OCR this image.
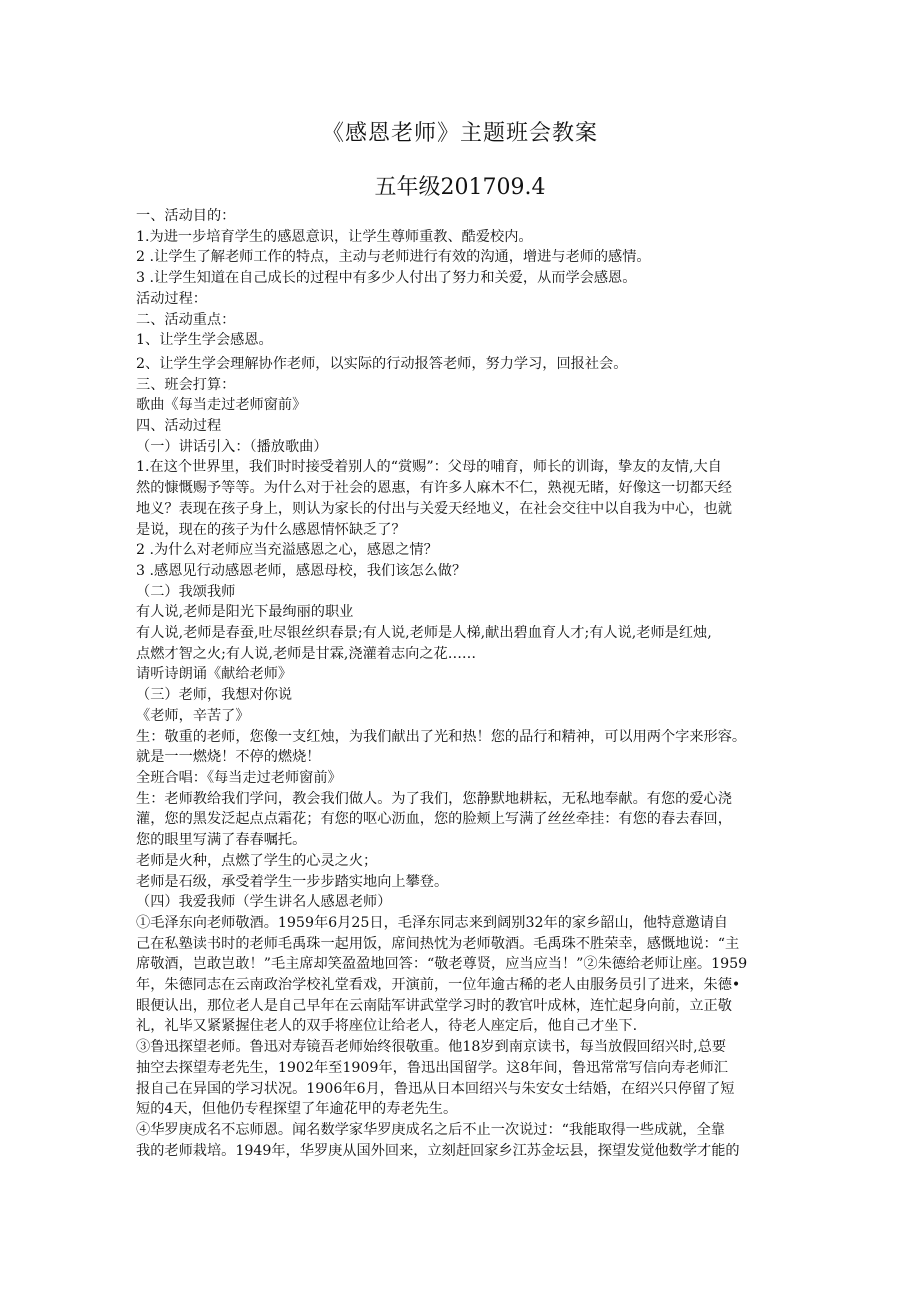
《感恩老师》主题班会教案
五年级201709.4

一、活动目的：

1.为进一步培育学生的感恩意识，让学生尊师重教、酷爱校内。

2 .让学生了解老师工作的特点，主动与老师进行有效的沟通，增进与老师的感情。

3 .让学生知道在自己成长的过程中有多少人付出了努力和关爱，从而学会感恩。

活动过程：

二、活动重点：

1、让学生学会感恩。

2、让学生学会理解协作老师，以实际的行动报答老师，努力学习，回报社会。

三、班会打算：

歌曲《每当走过老师窗前》

四、活动过程

（一）讲话引入：（播放歌曲）

1.在这个世界里，我们时时接受着别人的“赏赐”：父母的哺育，师长的训诲，挚友的友情,大自

然的慷慨赐予等等。为什么对于社会的恩惠，有许多人麻木不仁，熟视无睹，好像这一切都天经

地义？表现在孩子身上，则认为家长的付出与关爱天经地义，在社会交往中以自我为中心，也就

是说，现在的孩子为什么感恩情怀缺乏了？

2 .为什么对老师应当充溢感恩之心，感恩之情？

3 .感恩见行动感恩老师，感恩母校，我们该怎么做？

（二）我颂我师

有人说,老师是阳光下最绚丽的职业

有人说,老师是春蚕,吐尽银丝织春景;有人说,老师是人梯,献出碧血育人才;有人说,老师是红烛,

点燃才智之火;有人说,老师是甘霖,浇灌着志向之花……

请听诗朗诵《献给老师》

（三）老师，我想对你说

《老师，辛苦了》

生：敬重的老师，您像一支红烛，为我们献出了光和热！您的品行和精神，可以用两个字来形容。

就是一一燃烧！不停的燃烧！

全班合唱：《每当走过老师窗前》

生：老师教给我们学问，教会我们做人。为了我们，您静默地耕耘，无私地奉献。有您的爱心浇

灌，您的黑发泛起点点霜花；有您的呕心沥血，您的脸颊上写满了丝丝牵挂：有您的春去春回，

您的眼里写满了春春嘱托。

老师是火种，点燃了学生的心灵之火；

老师是石级，承受着学生一步步踏实地向上攀登。

（四）我爱我师（学生讲名人感恩老师）

①毛泽东向老师敬酒。1959年6月25日，毛泽东同志来到阔别32年的家乡韶山，他特意邀请自

己在私塾读书时的老师毛禹珠一起用饭，席间热忱为老师敬酒。毛禹珠不胜荣幸，感慨地说：“主

席敬酒，岂敢岂敢！”毛主席却笑盈盈地回答：“敬老尊贤，应当应当！”②朱德给老师让座。1959

年，朱德同志在云南政治学校礼堂看戏，开演前，一位年逾古稀的老人由服务员引了进来，朱德•

眼便认出，那位老人是自己早年在云南陆军讲武堂学习时的教官叶成林，连忙起身向前，立正敬

礼，礼毕又紧紧握住老人的双手将座位让给老人，待老人座定后，他自己才坐下.

③鲁迅探望老师。鲁迅对寿镜吾老师始终很敬重。他18岁到南京读书，每当放假回绍兴时,总要

抽空去探望寿老先生，1902年至1909年，鲁迅出国留学。这8年间，鲁迅常常写信向寿老师汇

报自己在异国的学习状况。1906年6月，鲁迅从日本回绍兴与朱安女士结婚，在绍兴只停留了短

短的4天，但他仍专程探望了年逾花甲的寿老先生。

④华罗庚成名不忘师恩。闻名数学家华罗庚成名之后不止一次说过：“我能取得一些成就，全靠

我的老师栽培。1949年，华罗庚从国外回来，立刻赶回家乡江苏金坛县，探望发觉他数学才能的
